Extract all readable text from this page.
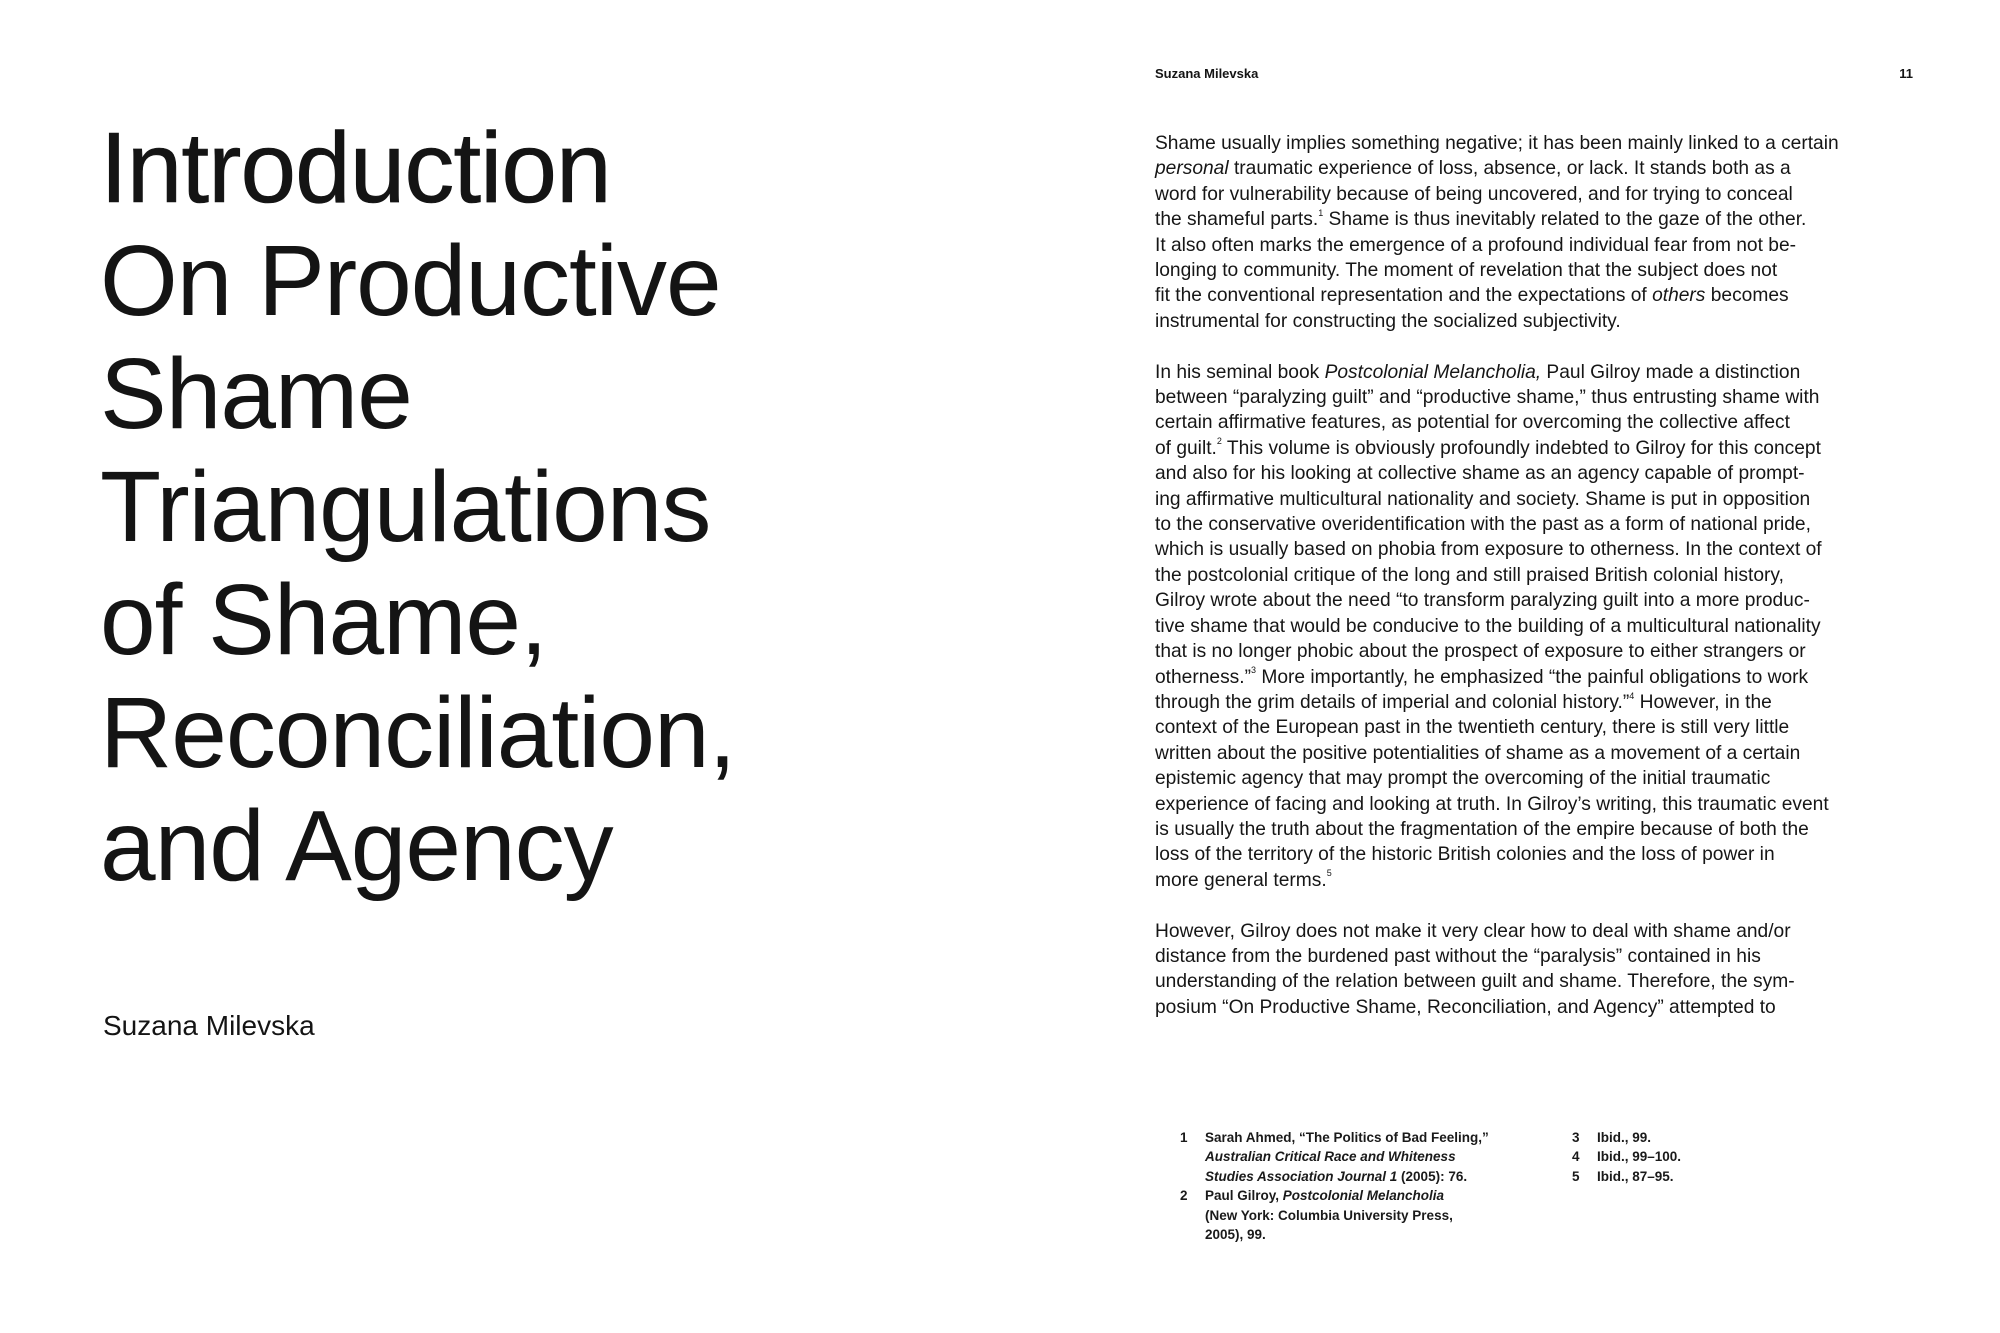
Introduction
On Productive
Shame
Triangulations
of Shame,
Reconciliation,
and Agency

Suzana Milevska

Suzana Milevska	11

Shame usually implies something negative; it has been mainly linked to a certain
personal traumatic experience of loss, absence, or lack. It stands both as a
word for vulnerability because of being uncovered, and for trying to conceal
the shameful parts.$^1$ Shame is thus inevitably related to the gaze of the other.
It also often marks the emergence of a profound individual fear from not be-
longing to community. The moment of revelation that the subject does not
fit the conventional representation and the expectations of others becomes
instrumental for constructing the socialized subjectivity.

In his seminal book Postcolonial Melancholia, Paul Gilroy made a distinction
between “paralyzing guilt” and “productive shame,” thus entrusting shame with
certain affirmative features, as potential for overcoming the collective affect
of guilt.$^2$ This volume is obviously profoundly indebted to Gilroy for this concept
and also for his looking at collective shame as an agency capable of prompt-
ing affirmative multicultural nationality and society. Shame is put in opposition
to the conservative overidentification with the past as a form of national pride,
which is usually based on phobia from exposure to otherness. In the context of
the postcolonial critique of the long and still praised British colonial history,
Gilroy wrote about the need “to transform paralyzing guilt into a more produc-
tive shame that would be conducive to the building of a multicultural nationality
that is no longer phobic about the prospect of exposure to either strangers or
otherness.”$^3$ More importantly, he emphasized “the painful obligations to work
through the grim details of imperial and colonial history.”$^4$ However, in the
context of the European past in the twentieth century, there is still very little
written about the positive potentialities of shame as a movement of a certain
epistemic agency that may prompt the overcoming of the initial traumatic
experience of facing and looking at truth. In Gilroy’s writing, this traumatic event
is usually the truth about the fragmentation of the empire because of both the
loss of the territory of the historic British colonies and the loss of power in
more general terms.$^5$

However, Gilroy does not make it very clear how to deal with shame and/or
distance from the burdened past without the “paralysis” contained in his
understanding of the relation between guilt and shame. Therefore, the sym-
posium “On Productive Shame, Reconciliation, and Agency” attempted to

1 Sarah Ahmed, “The Politics of Bad Feeling,”
Australian Critical Race and Whiteness
Studies Association Journal 1 (2005): 76.
2 Paul Gilroy, Postcolonial Melancholia
(New York: Columbia University Press,
2005), 99.
3 Ibid., 99.
4 Ibid., 99–100.
5 Ibid., 87–95.
